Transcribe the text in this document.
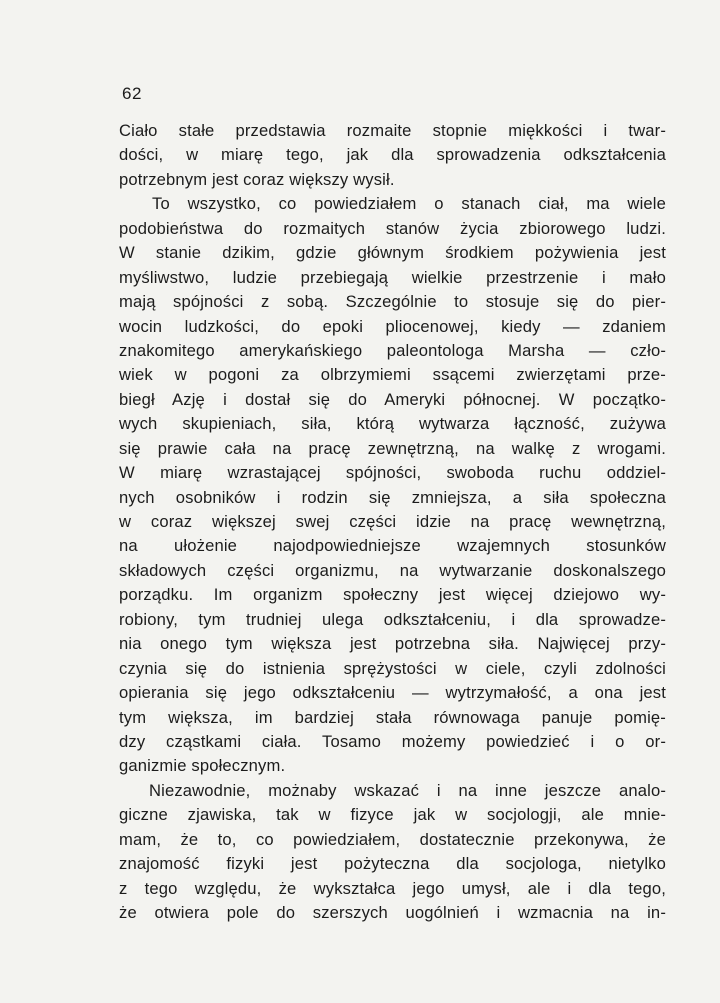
62

Ciało stałe przedstawia rozmaite stopnie miękkości i twar-
dości, w miarę tego, jak dla sprowadzenia odkształcenia
potrzebnym jest coraz większy wysił.

To wszystko, co powiedziałem o stanach ciał, ma wiele
podobieństwa do rozmaitych stanów życia zbiorowego ludzi.
W stanie dzikim, gdzie głównym środkiem pożywienia jest
myśliwstwo, ludzie przebiegają wielkie przestrzenie i mało
mają spójności z sobą. Szczególnie to stosuje się do pier-
wocin ludzkości, do epoki pliocenowej, kiedy — zdaniem
znakomitego amerykańskiego paleontologa Marsha — czło-
wiek w pogoni za olbrzymiemi ssącemi zwierzętami prze-
biegł Azję i dostał się do Ameryki północnej. W początko-
wych skupieniach, siła, którą wytwarza łączność, zużywa
się prawie cała na pracę zewnętrzną, na walkę z wrogami.
W miarę wzrastającej spójności, swoboda ruchu oddziel-
nych osobników i rodzin się zmniejsza, a siła społeczna
w coraz większej swej części idzie na pracę wewnętrzną,
na ułożenie najodpowiedniejsze wzajemnych stosunków
składowych części organizmu, na wytwarzanie doskonalszego
porządku. Im organizm społeczny jest więcej dziejowo wy-
robiony, tym trudniej ulega odkształceniu, i dla sprowadze-
nia onego tym większa jest potrzebna siła. Najwięcej przy-
czynia się do istnienia sprężystości w ciele, czyli zdolności
opierania się jego odkształceniu — wytrzymałość, a ona jest
tym większa, im bardziej stała równowaga panuje pomię-
dzy cząstkami ciała. Tosamo możemy powiedzieć i o or-
ganizmie społecznym.

Niezawodnie, możnaby wskazać i na inne jeszcze analo-
giczne zjawiska, tak w fizyce jak w socjologji, ale mnie-
mam, że to, co powiedziałem, dostatecznie przekonywa, że
znajomość fizyki jest pożyteczna dla socjologa, nietylko
z tego względu, że wykształca jego umysł, ale i dla tego,
że otwiera pole do szerszych uogólnień i wzmacnia na in-
